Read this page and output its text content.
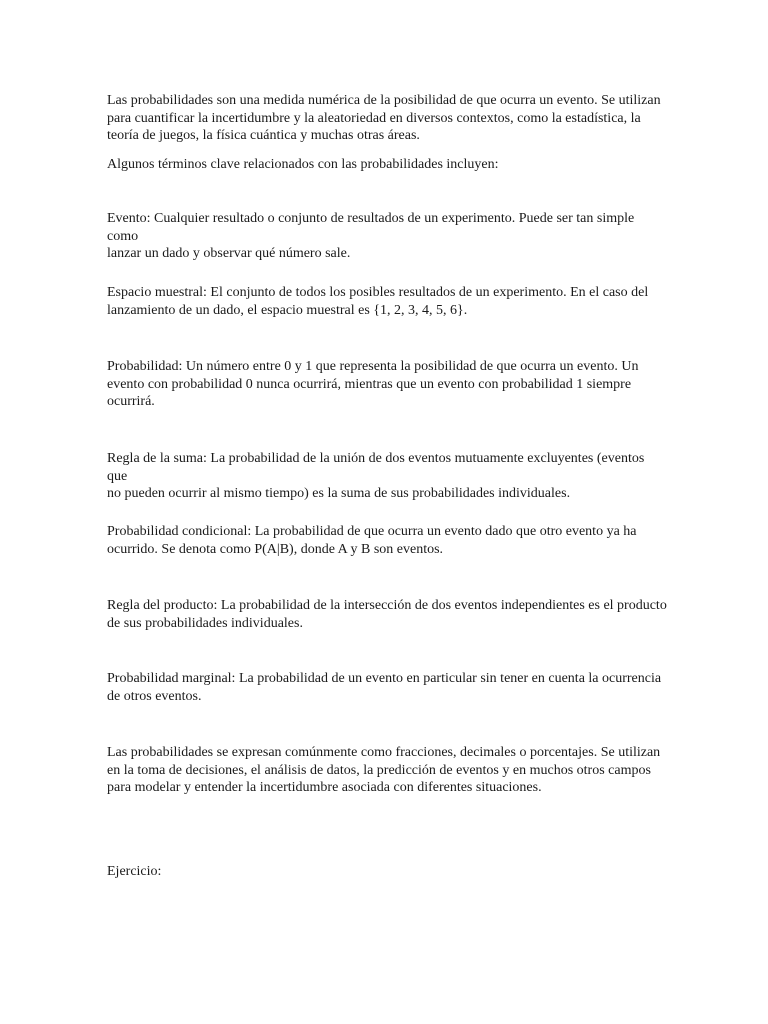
Las probabilidades son una medida numérica de la posibilidad de que ocurra un evento. Se utilizan
para cuantificar la incertidumbre y la aleatoriedad en diversos contextos, como la estadística, la
teoría de juegos, la física cuántica y muchas otras áreas.

Algunos términos clave relacionados con las probabilidades incluyen:

Evento: Cualquier resultado o conjunto de resultados de un experimento. Puede ser tan simple como
lanzar un dado y observar qué número sale.

Espacio muestral: El conjunto de todos los posibles resultados de un experimento. En el caso del
lanzamiento de un dado, el espacio muestral es {1, 2, 3, 4, 5, 6}.

Probabilidad: Un número entre 0 y 1 que representa la posibilidad de que ocurra un evento. Un
evento con probabilidad 0 nunca ocurrirá, mientras que un evento con probabilidad 1 siempre
ocurrirá.

Regla de la suma: La probabilidad de la unión de dos eventos mutuamente excluyentes (eventos que
no pueden ocurrir al mismo tiempo) es la suma de sus probabilidades individuales.

Probabilidad condicional: La probabilidad de que ocurra un evento dado que otro evento ya ha
ocurrido. Se denota como P(A|B), donde A y B son eventos.

Regla del producto: La probabilidad de la intersección de dos eventos independientes es el producto
de sus probabilidades individuales.

Probabilidad marginal: La probabilidad de un evento en particular sin tener en cuenta la ocurrencia
de otros eventos.

Las probabilidades se expresan comúnmente como fracciones, decimales o porcentajes. Se utilizan
en la toma de decisiones, el análisis de datos, la predicción de eventos y en muchos otros campos
para modelar y entender la incertidumbre asociada con diferentes situaciones.

Ejercicio:
